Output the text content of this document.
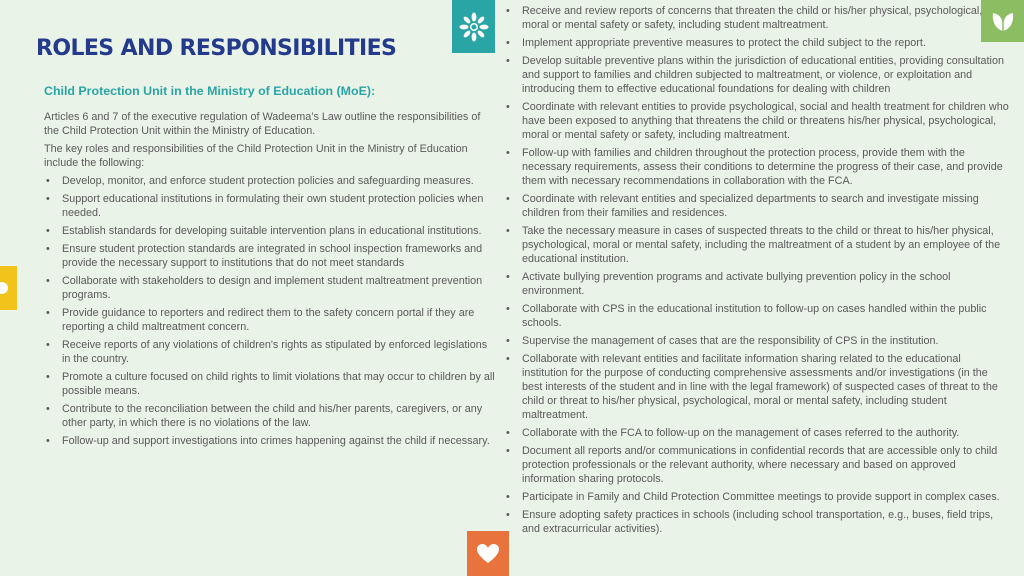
ROLES AND RESPONSIBILITIES
Child Protection Unit in the Ministry of Education (MoE):

Articles 6 and 7 of the executive regulation of Wadeema’s Law outline the responsibilities of the Child Protection Unit within the Ministry of Education.

The key roles and responsibilities of the Child Protection Unit in the Ministry of Education include the following:

• Develop, monitor, and enforce student protection policies and safeguarding measures.
• Support educational institutions in formulating their own student protection policies when needed.
• Establish standards for developing suitable intervention plans in educational institutions.
• Ensure student protection standards are integrated in school inspection frameworks and provide the necessary support to institutions that do not meet standards
• Collaborate with stakeholders to design and implement student maltreatment prevention programs.
• Provide guidance to reporters and redirect them to the safety concern portal if they are reporting a child maltreatment concern.
• Receive reports of any violations of children's rights as stipulated by enforced legislations in the country.
• Promote a culture focused on child rights to limit violations that may occur to children by all possible means.
• Contribute to the reconciliation between the child and his/her parents, caregivers, or any other party, in which there is no violations of the law.
• Follow-up and support investigations into crimes happening against the child if necessary.
• Receive and review reports of concerns that threaten the child or his/her physical, psychological, moral or mental safety or safety, including student maltreatment.
• Implement appropriate preventive measures to protect the child subject to the report.
• Develop suitable preventive plans within the jurisdiction of educational entities, providing consultation and support to families and children subjected to maltreatment, or violence, or exploitation and introducing them to effective educational foundations for dealing with children
• Coordinate with relevant entities to provide psychological, social and health treatment for children who have been exposed to anything that threatens the child or threatens his/her physical, psychological, moral or mental safety or safety, including maltreatment.
• Follow-up with families and children throughout the protection process, provide them with the necessary requirements, assess their conditions to determine the progress of their case, and provide them with necessary recommendations in collaboration with the FCA.
• Coordinate with relevant entities and specialized departments to search and investigate missing children from their families and residences.
• Take the necessary measure in cases of suspected threats to the child or threat to his/her physical, psychological, moral or mental safety, including the maltreatment of a student by an employee of the educational institution.
• Activate bullying prevention programs and activate bullying prevention policy in the school environment.
• Collaborate with CPS in the educational institution to follow-up on cases handled within the public schools.
• Supervise the management of cases that are the responsibility of CPS in the institution.
• Collaborate with relevant entities and facilitate information sharing related to the educational institution for the purpose of conducting comprehensive assessments and/or investigations (in the best interests of the student and in line with the legal framework) of suspected cases of threat to the child or threat to his/her physical, psychological, moral or mental safety, including student maltreatment.
• Collaborate with the FCA to follow-up on the management of cases referred to the authority.
• Document all reports and/or communications in confidential records that are accessible only to child protection professionals or the relevant authority, where necessary and based on approved information sharing protocols.
• Participate in Family and Child Protection Committee meetings to provide support in complex cases.
• Ensure adopting safety practices in schools (including school transportation, e.g., buses, field trips, and extracurricular activities).
